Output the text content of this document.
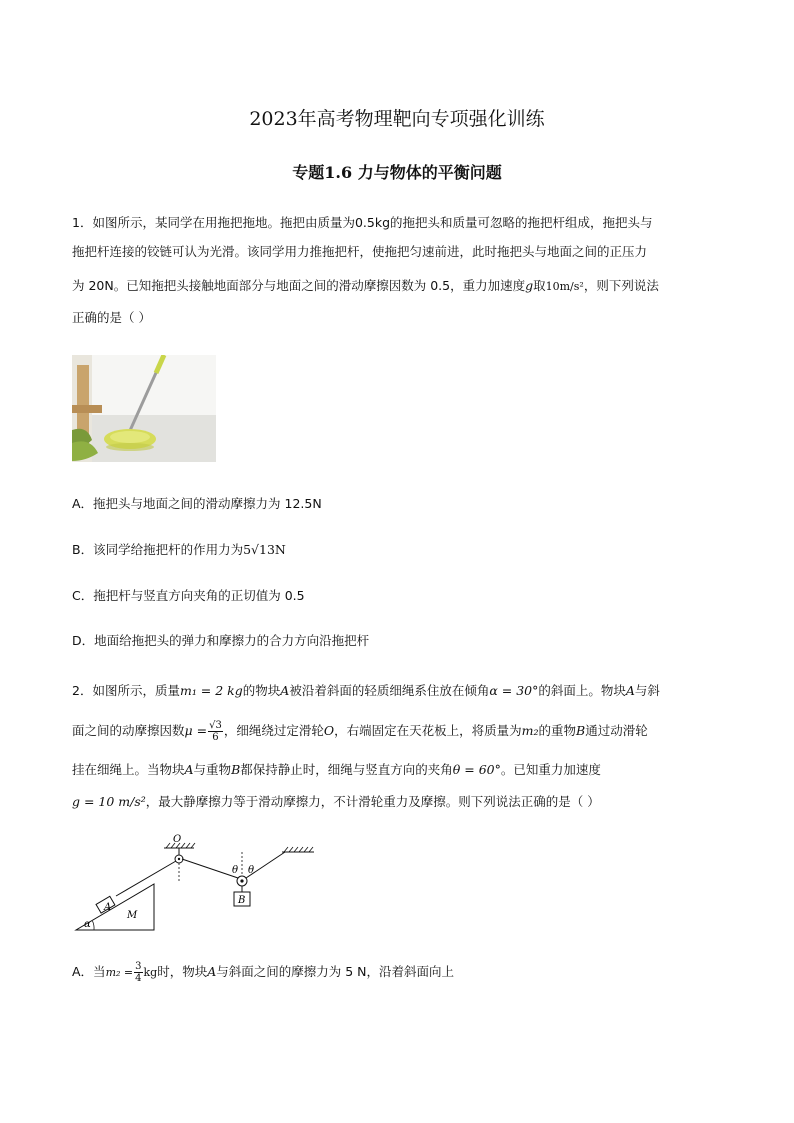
2023年高考物理靶向专项强化训练
专题1.6 力与物体的平衡问题
1．如图所示，某同学在用拖把拖地。拖把由质量为0.5kg的拖把头和质量可忽略的拖把杆组成，拖把头与
拖把杆连接的铰链可认为光滑。该同学用力推拖把杆，使拖把匀速前进，此时拖把头与地面之间的正压力
为 20N。已知拖把头接触地面部分与地面之间的滑动摩擦因数为 0.5，重力加速度g取10m/s²，则下列说法
正确的是（ ）
A．拖把头与地面之间的滑动摩擦力为 12.5N
B．该同学给拖把杆的作用力为5√13N
C．拖把杆与竖直方向夹角的正切值为 0.5
D．地面给拖把头的弹力和摩擦力的合力方向沿拖把杆
2．如图所示，质量m₁ = 2 kg的物块A被沿着斜面的轻质细绳系住放在倾角α = 30°的斜面上。物块A与斜
面之间的动摩擦因数$\mu = \frac{√3}{6}$ ，细绳绕过定滑轮O，右端固定在天花板上，将质量为m₂的重物B通过动滑轮
挂在细绳上。当物块A与重物B都保持静止时，细绳与竖直方向的夹角θ = 60°。已知重力加速度
g = 10 m/s²，最大静摩擦力等于滑动摩擦力，不计滑轮重力及摩擦。则下列说法正确的是（ ）
O
α
M
A
θ θ
B
A．当$m_2 = \frac{3}{4}$ kg时，物块A与斜面之间的摩擦力为 5 N，沿着斜面向上
